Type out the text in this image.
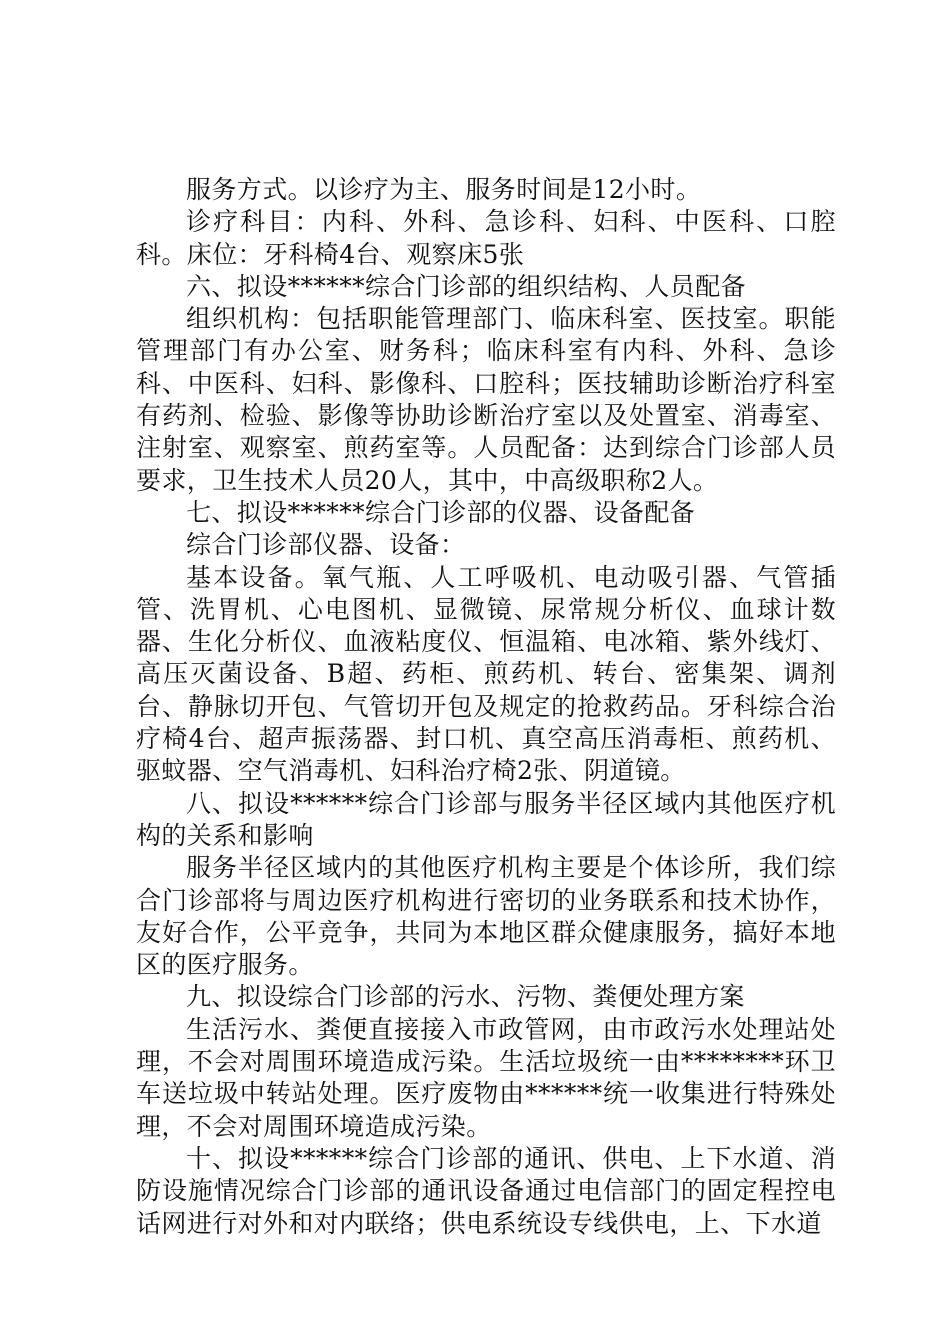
服务方式。以诊疗为主、服务时间是12小时。

诊疗科目：内科、外科、急诊科、妇科、中医科、口腔科。床位：牙科椅4台、观察床5张

六、拟设******综合门诊部的组织结构、人员配备

组织机构：包括职能管理部门、临床科室、医技室。职能管理部门有办公室、财务科；临床科室有内科、外科、急诊科、中医科、妇科、影像科、口腔科；医技辅助诊断治疗科室有药剂、检验、影像等协助诊断治疗室以及处置室、消毒室、注射室、观察室、煎药室等。人员配备：达到综合门诊部人员要求，卫生技术人员20人，其中，中高级职称2人。

七、拟设******综合门诊部的仪器、设备配备

综合门诊部仪器、设备：

基本设备。氧气瓶、人工呼吸机、电动吸引器、气管插管、洗胃机、心电图机、显微镜、尿常规分析仪、血球计数器、生化分析仪、血液粘度仪、恒温箱、电冰箱、紫外线灯、高压灭菌设备、B超、药柜、煎药机、转台、密集架、调剂台、静脉切开包、气管切开包及规定的抢救药品。牙科综合治疗椅4台、超声振荡器、封口机、真空高压消毒柜、煎药机、驱蚊器、空气消毒机、妇科治疗椅2张、阴道镜。

八、拟设******综合门诊部与服务半径区域内其他医疗机构的关系和影响

服务半径区域内的其他医疗机构主要是个体诊所，我们综合门诊部将与周边医疗机构进行密切的业务联系和技术协作，友好合作，公平竞争，共同为本地区群众健康服务，搞好本地区的医疗服务。

九、拟设综合门诊部的污水、污物、粪便处理方案

生活污水、粪便直接接入市政管网，由市政污水处理站处理，不会对周围环境造成污染。生活垃圾统一由********环卫车送垃圾中转站处理。医疗废物由******统一收集进行特殊处理，不会对周围环境造成污染。

十、拟设******综合门诊部的通讯、供电、上下水道、消防设施情况综合门诊部的通讯设备通过电信部门的固定程控电话网进行对外和对内联络；供电系统设专线供电，上、下水道
